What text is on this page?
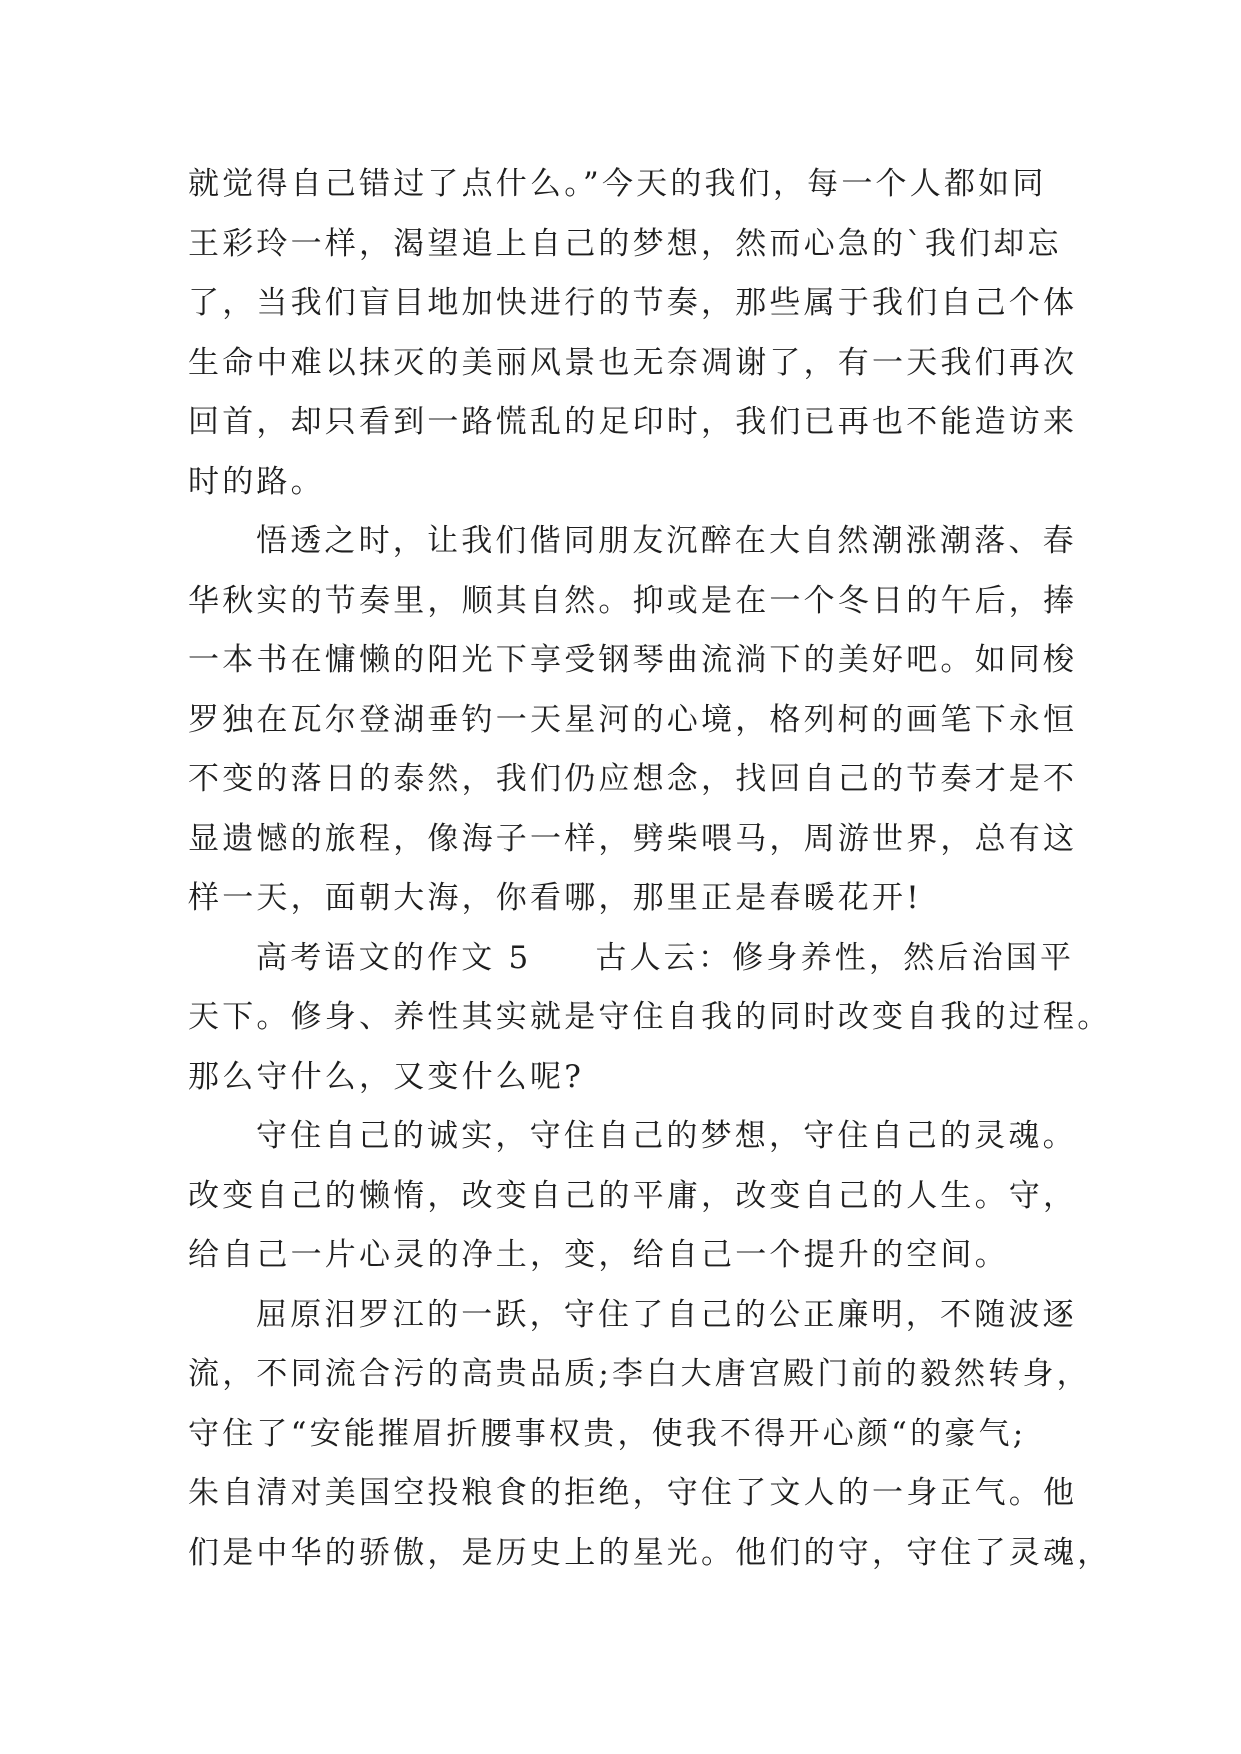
就觉得自己错过了点什么。”今天的我们，每一个人都如同
王彩玲一样，渴望追上自己的梦想，然而心急的`我们却忘
了，当我们盲目地加快进行的节奏，那些属于我们自己个体
生命中难以抹灭的美丽风景也无奈凋谢了，有一天我们再次
回首，却只看到一路慌乱的足印时，我们已再也不能造访来
时的路。

悟透之时，让我们偕同朋友沉醉在大自然潮涨潮落、春
华秋实的节奏里，顺其自然。抑或是在一个冬日的午后，捧
一本书在慵懒的阳光下享受钢琴曲流淌下的美好吧。如同梭
罗独在瓦尔登湖垂钓一天星河的心境，格列柯的画笔下永恒
不变的落日的泰然，我们仍应想念，找回自己的节奏才是不
显遗憾的旅程，像海子一样，劈柴喂马，周游世界，总有这
样一天，面朝大海，你看哪，那里正是春暖花开!

高考语文的作文 5 古人云：修身养性，然后治国平
天下。修身、养性其实就是守住自我的同时改变自我的过程。
那么守什么，又变什么呢?

守住自己的诚实，守住自己的梦想，守住自己的灵魂。
改变自己的懒惰，改变自己的平庸，改变自己的人生。守，
给自己一片心灵的净土，变，给自己一个提升的空间。

屈原汨罗江的一跃，守住了自己的公正廉明，不随波逐
流，不同流合污的高贵品质;李白大唐宫殿门前的毅然转身，
守住了“安能摧眉折腰事权贵，使我不得开心颜“的豪气;
朱自清对美国空投粮食的拒绝，守住了文人的一身正气。他
们是中华的骄傲，是历史上的星光。他们的守，守住了灵魂，
